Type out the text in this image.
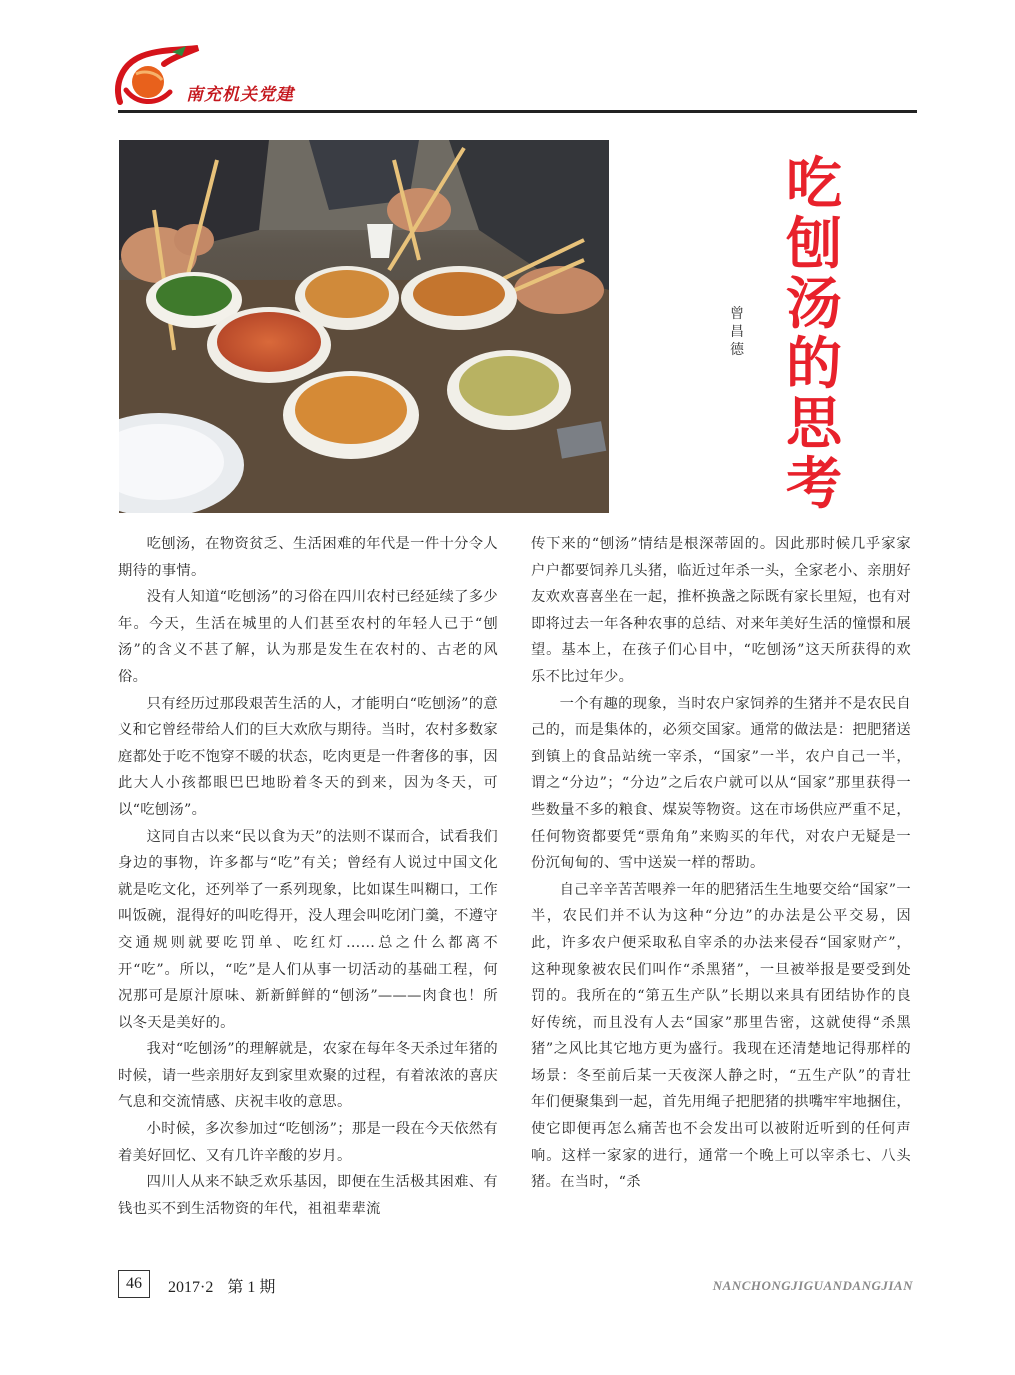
南充机关党建
吃
刨
汤
的
思
考
曾
昌
德

吃刨汤，在物资贫乏、生活困难的年代是一件十分令人期待的事情。

没有人知道“吃刨汤”的习俗在四川农村已经延续了多少年。今天，生活在城里的人们甚至农村的年轻人已于“刨汤”的含义不甚了解，认为那是发生在农村的、古老的风俗。

只有经历过那段艰苦生活的人，才能明白“吃刨汤”的意义和它曾经带给人们的巨大欢欣与期待。当时，农村多数家庭都处于吃不饱穿不暖的状态，吃肉更是一件奢侈的事，因此大人小孩都眼巴巴地盼着冬天的到来，因为冬天，可以“吃刨汤”。

这同自古以来“民以食为天”的法则不谋而合，试看我们身边的事物，许多都与“吃”有关；曾经有人说过中国文化就是吃文化，还列举了一系列现象，比如谋生叫糊口，工作叫饭碗，混得好的叫吃得开，没人理会叫吃闭门羹，不遵守交通规则就要吃罚单、吃红灯……总之什么都离不开“吃”。所以，“吃”是人们从事一切活动的基础工程，何况那可是原汁原味、新新鲜鲜的“刨汤”———肉食也！所以冬天是美好的。

我对“吃刨汤”的理解就是，农家在每年冬天杀过年猪的时候，请一些亲朋好友到家里欢聚的过程，有着浓浓的喜庆气息和交流情感、庆祝丰收的意思。

小时候，多次参加过“吃刨汤”；那是一段在今天依然有着美好回忆、又有几许辛酸的岁月。

四川人从来不缺乏欢乐基因，即便在生活极其困难、有钱也买不到生活物资的年代，祖祖辈辈流

传下来的“刨汤”情结是根深蒂固的。因此那时候几乎家家户户都要饲养几头猪，临近过年杀一头，全家老小、亲朋好友欢欢喜喜坐在一起，推杯换盏之际既有家长里短，也有对即将过去一年各种农事的总结、对来年美好生活的憧憬和展望。基本上，在孩子们心目中，“吃刨汤”这天所获得的欢乐不比过年少。

一个有趣的现象，当时农户家饲养的生猪并不是农民自己的，而是集体的，必须交国家。通常的做法是：把肥猪送到镇上的食品站统一宰杀，“国家”一半，农户自己一半，谓之“分边”；“分边”之后农户就可以从“国家”那里获得一些数量不多的粮食、煤炭等物资。这在市场供应严重不足，任何物资都要凭“票角角”来购买的年代，对农户无疑是一份沉甸甸的、雪中送炭一样的帮助。

自己辛辛苦苦喂养一年的肥猪活生生地要交给“国家”一半，农民们并不认为这种“分边”的办法是公平交易，因此，许多农户便采取私自宰杀的办法来侵吞“国家财产”，这种现象被农民们叫作“杀黑猪”，一旦被举报是要受到处罚的。我所在的“第五生产队”长期以来具有团结协作的良好传统，而且没有人去“国家”那里告密，这就使得“杀黑猪”之风比其它地方更为盛行。我现在还清楚地记得那样的场景：冬至前后某一天夜深人静之时，“五生产队”的青壮年们便聚集到一起，首先用绳子把肥猪的拱嘴牢牢地捆住，使它即便再怎么痛苦也不会发出可以被附近听到的任何声响。这样一家家的进行，通常一个晚上可以宰杀七、八头猪。在当时，“杀

46	2017·2 第 1 期	NANCHONGJIGUANDANGJIAN
